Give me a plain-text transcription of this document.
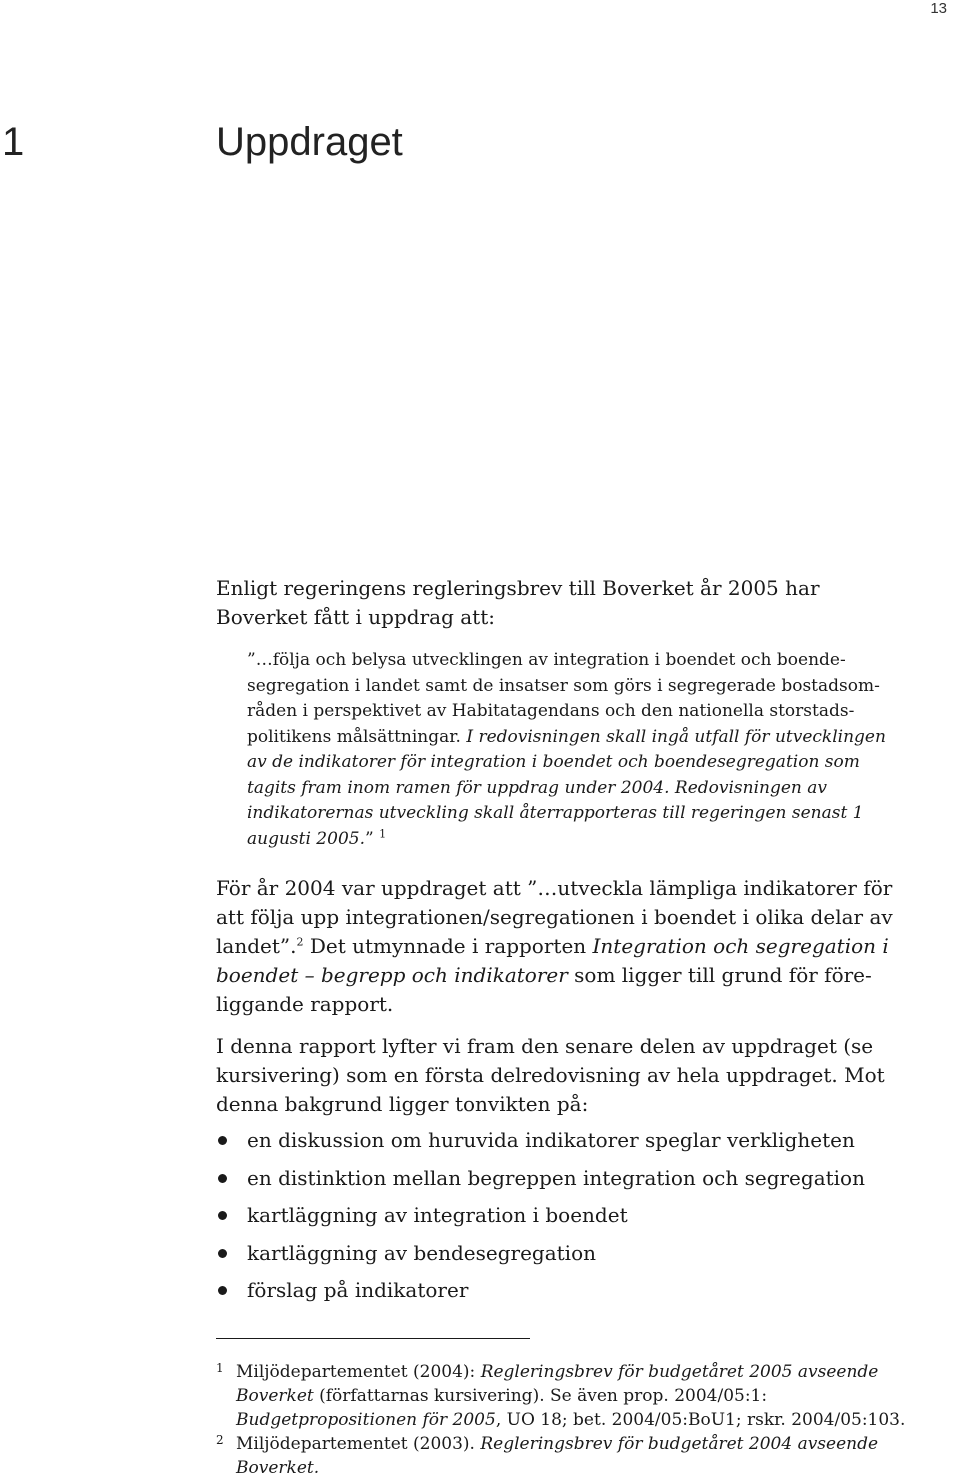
13
1	Uppdraget

Enligt regeringens regleringsbrev till Boverket år 2005 har Boverket fått i uppdrag att:

”…följa och belysa utvecklingen av integration i boendet och boendesegregation i landet samt de insatser som görs i segregerade bostadsområden i perspektivet av Habitatagendans och den nationella storstadspolitikens målsättningar. I redovisningen skall ingå utfall för utvecklingen av de indikatorer för integration i boendet och boendesegregation som tagits fram inom ramen för uppdrag under 2004. Redovisningen av indikatorernas utveckling skall återrapporteras till regeringen senast 1 augusti 2005.” $^1$

För år 2004 var uppdraget att ”…utveckla lämpliga indikatorer för att följa upp integrationen/segregationen i boendet i olika delar av landet”.$^2$ Det utmynnade i rapporten Integration och segregation i boendet – begrepp och indikatorer som ligger till grund för föreliggande rapport.

I denna rapport lyfter vi fram den senare delen av uppdraget (se kursivering) som en första delredovisning av hela uppdraget. Mot denna bakgrund ligger tonvikten på:

en diskussion om huruvida indikatorer speglar verkligheten
en distinktion mellan begreppen integration och segregation
kartläggning av integration i boendet
kartläggning av bendesegregation
förslag på indikatorer
1 Miljödepartementet (2004): Regleringsbrev för budgetåret 2005 avseende Boverket (författarnas kursivering). Se även prop. 2004/05:1: Budgetpropositionen för 2005, UO 18; bet. 2004/05:BoU1; rskr. 2004/05:103.
2 Miljödepartementet (2003). Regleringsbrev för budgetåret 2004 avseende Boverket.
